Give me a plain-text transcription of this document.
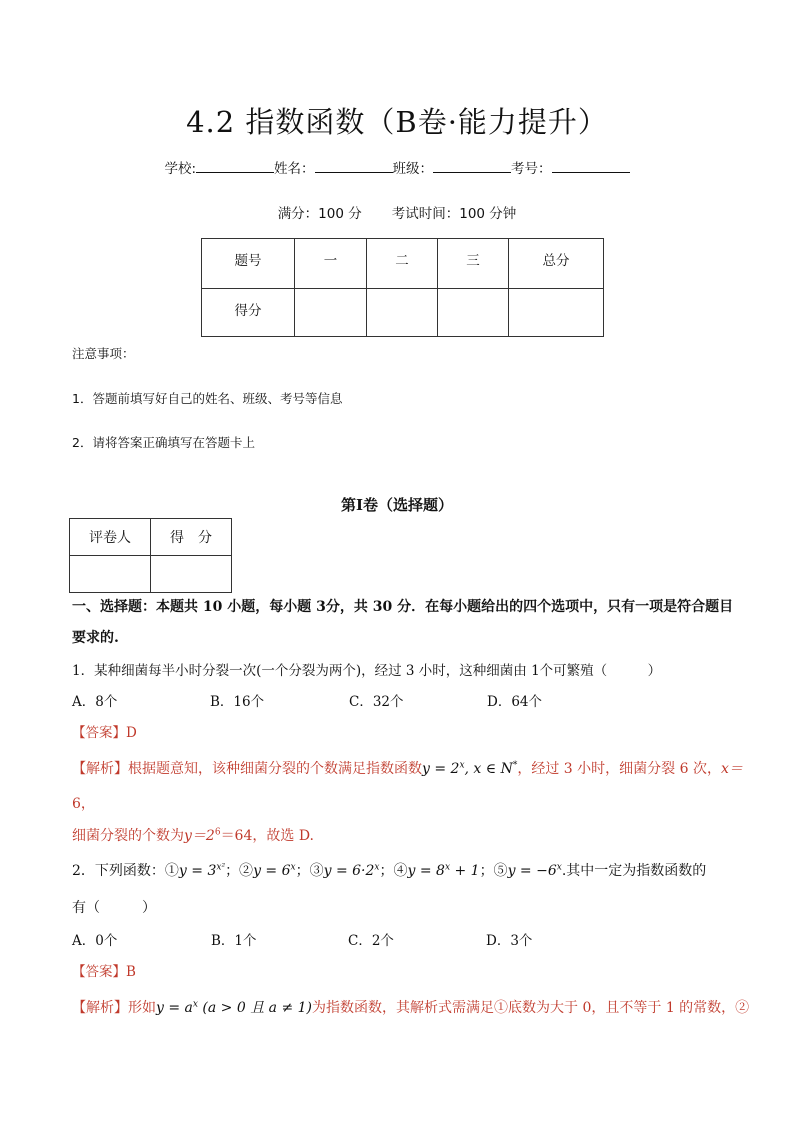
4.2 指数函数（B卷·能力提升）
学校:	姓名：	班级：	考号：
满分：100 分 考试时间：100 分钟
题号	一	二	三	总分
得分				
注意事项：
1．答题前填写好自己的姓名、班级、考号等信息
2．请将答案正确填写在答题卡上
第I卷（选择题）
评卷人	得　分

一、选择题：本题共 10 小题，每小题 3分，共 30 分．在每小题给出的四个选项中，只有一项是符合题目
要求的.
1．某种细菌每半小时分裂一次(一个分裂为两个)，经过 3 小时，这种细菌由 1个可繁殖（　　　）
A．8个	B．16个	C．32个	D．64个
【答案】D
【解析】根据题意知，该种细菌分裂的个数满足指数函数$y = 2^x$, x ∈ N*，经过 3 小时，细菌分裂 6 次，x＝
6，
细菌分裂的个数为$y=2^6=64$，故选 D.
2．下列函数：①y = $3^{x^2}$；②y = $6^x$；③y = $6\cdot 2^x$；④y = $8^x + 1$；⑤y = $-6^x$.其中一定为指数函数的
有（　　　）
A．0个	B．1个	C．2个	D．3个
【答案】B
【解析】形如$y = a^x$ (a > 0 且 a ≠ 1)为指数函数，其解析式需满足①底数为大于 0，且不等于 1 的常数，②
